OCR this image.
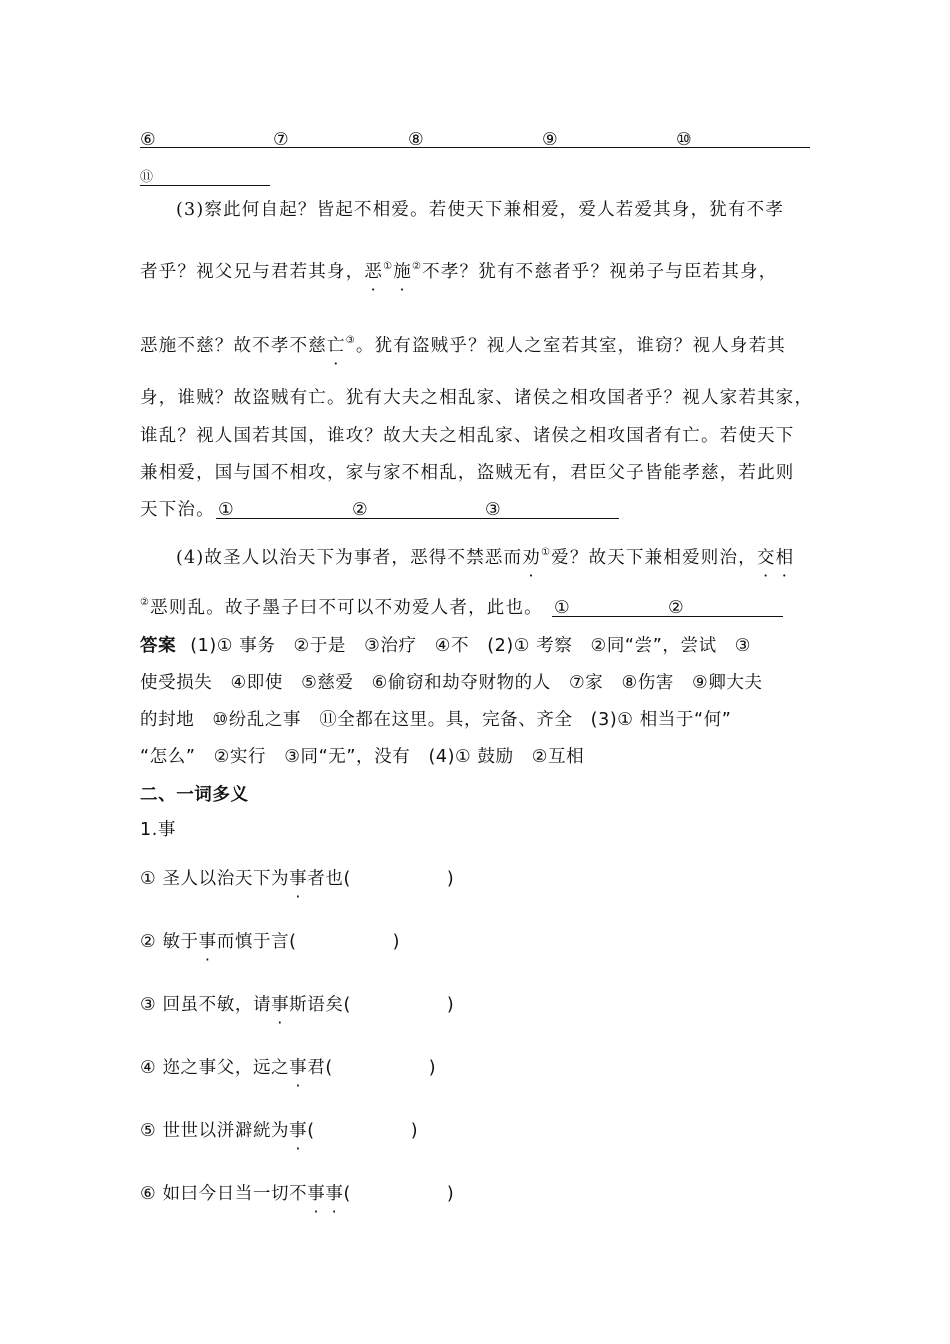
⑥	⑦	⑧	⑨	⑩
⑪
(3)察此何自起？皆起不相爱。若使天下兼相爱，爱人若爱其身，犹有不孝
者乎？视父兄与君若其身，恶①施②不孝？犹有不慈者乎？视弟子与臣若其身，
恶施不慈？故不孝不慈亡③。犹有盗贼乎？视人之室若其室，谁窃？视人身若其
身，谁贼？故盗贼有亡。犹有大夫之相乱家、诸侯之相攻国者乎？视人家若其家，
谁乱？视人国若其国，谁攻？故大夫之相乱家、诸侯之相攻国者有亡。若使天下
兼相爱，国与国不相攻，家与家不相乱，盗贼无有，君臣父子皆能孝慈，若此则
天下治。 ①	②	③
(4)故圣人以治天下为事者，恶得不禁恶而劝①爱？故天下兼相爱则治，交相
②恶则乱。故子墨子曰不可以不劝爱人者，此也。 ①	②
答案 (1)① 事务　②于是　③治疗　④不　(2)① 考察　②同“尝”，尝试　③
使受损失　④即使　⑤慈爱　⑥偷窃和劫夺财物的人　⑦家　⑧伤害　⑨卿大夫
的封地　⑩纷乱之事　⑪全都在这里。具，完备、齐全　(3)① 相当于“何”
“怎么”　②实行　③同“无”，没有　(4)① 鼓励　②互相
二、一词多义
1.事
① 圣人以治天下为事者也(	)
② 敏于事而慎于言(	)
③ 回虽不敏，请事斯语矣(	)
④ 迩之事父，远之事君(	)
⑤ 世世以洴澼絖为事(	)
⑥ 如曰今日当一切不事事(	)
